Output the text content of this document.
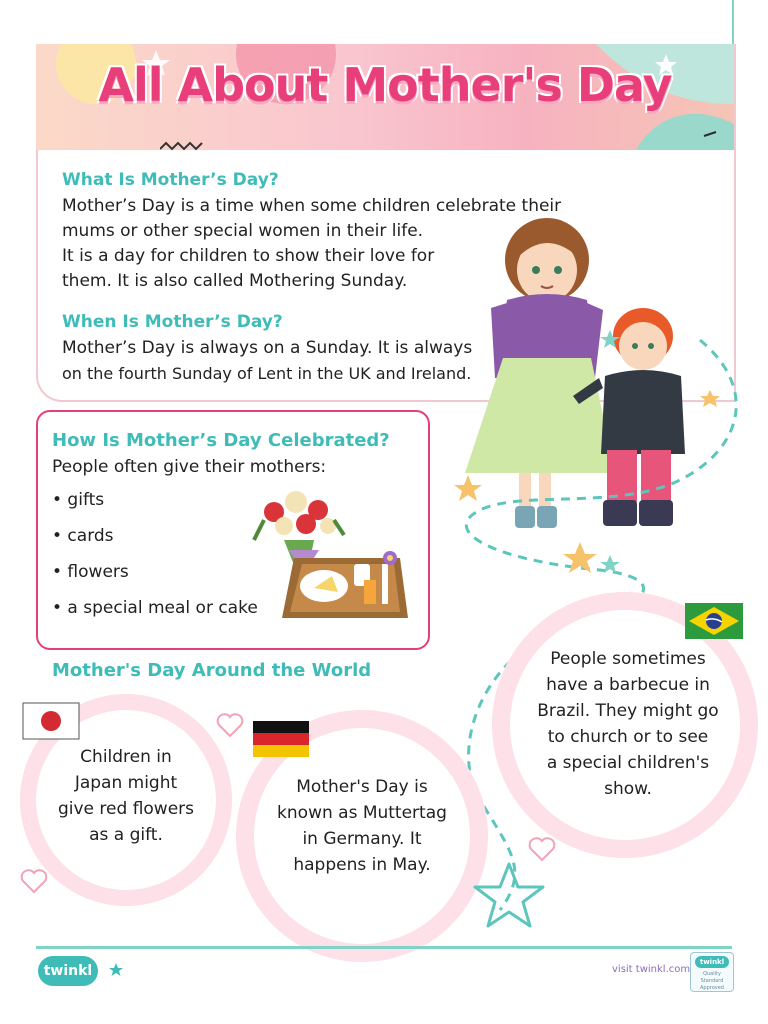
All About Mother's Day
What Is Mother’s Day?
Mother’s Day is a time when some children celebrate their
mums or other special women in their life.
It is a day for children to show their love for
them. It is also called Mothering Sunday.
When Is Mother’s Day?
Mother’s Day is always on a Sunday. It is always
on the fourth Sunday of Lent in the UK and Ireland.
How Is Mother’s Day Celebrated?
People often give their mothers:
• gifts
• cards
• flowers
• a special meal or cake
Mother's Day Around the World
Children in
Japan might
give red flowers
as a gift.
Mother's Day is
known as Muttertag
in Germany. It
happens in May.
People sometimes
have a barbecue in
Brazil. They might go
to church or to see
a special children's
show.
twinkl	visit twinkl.com
twinkl
Quality Standard Approved
